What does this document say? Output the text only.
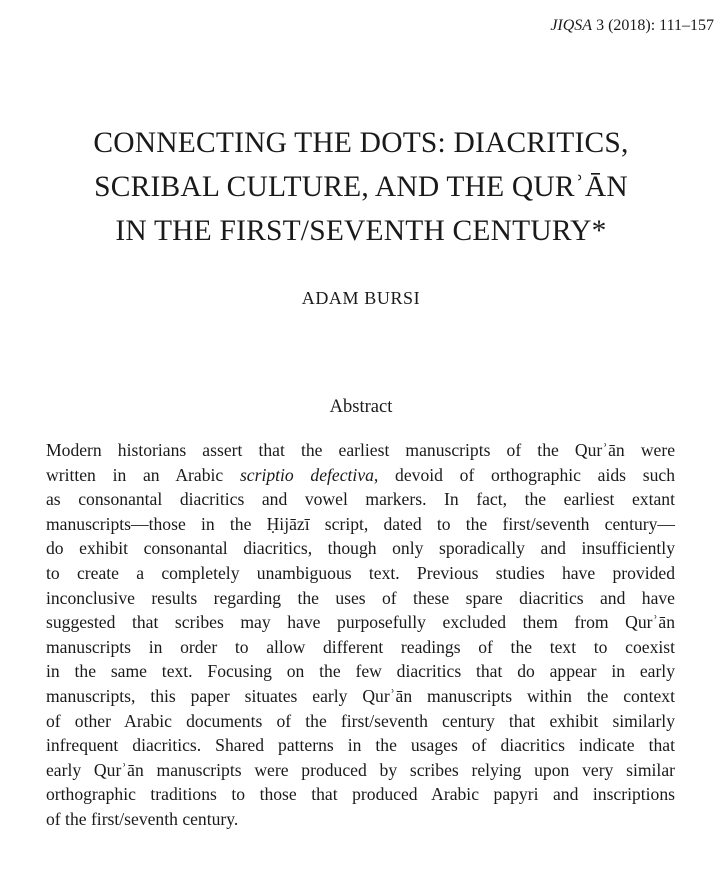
JIQSA 3 (2018): 111–157
CONNECTING THE DOTS: DIACRITICS,
SCRIBAL CULTURE, AND THE QURʾĀN
IN THE FIRST/SEVENTH CENTURY*
ADAM BURSI
Abstract
Modern historians assert that the earliest manuscripts of the Qurʾān were
written in an Arabic scriptio defectiva, devoid of orthographic aids such
as consonantal diacritics and vowel markers. In fact, the earliest extant
manuscripts—those in the Ḥijāzī script, dated to the first/seventh century—
do exhibit consonantal diacritics, though only sporadically and insufficiently
to create a completely unambiguous text. Previous studies have provided
inconclusive results regarding the uses of these spare diacritics and have
suggested that scribes may have purposefully excluded them from Qurʾān
manuscripts in order to allow different readings of the text to coexist
in the same text. Focusing on the few diacritics that do appear in early
manuscripts, this paper situates early Qurʾān manuscripts within the context
of other Arabic documents of the first/seventh century that exhibit similarly
infrequent diacritics. Shared patterns in the usages of diacritics indicate that
early Qurʾān manuscripts were produced by scribes relying upon very similar
orthographic traditions to those that produced Arabic papyri and inscriptions
of the first/seventh century.
